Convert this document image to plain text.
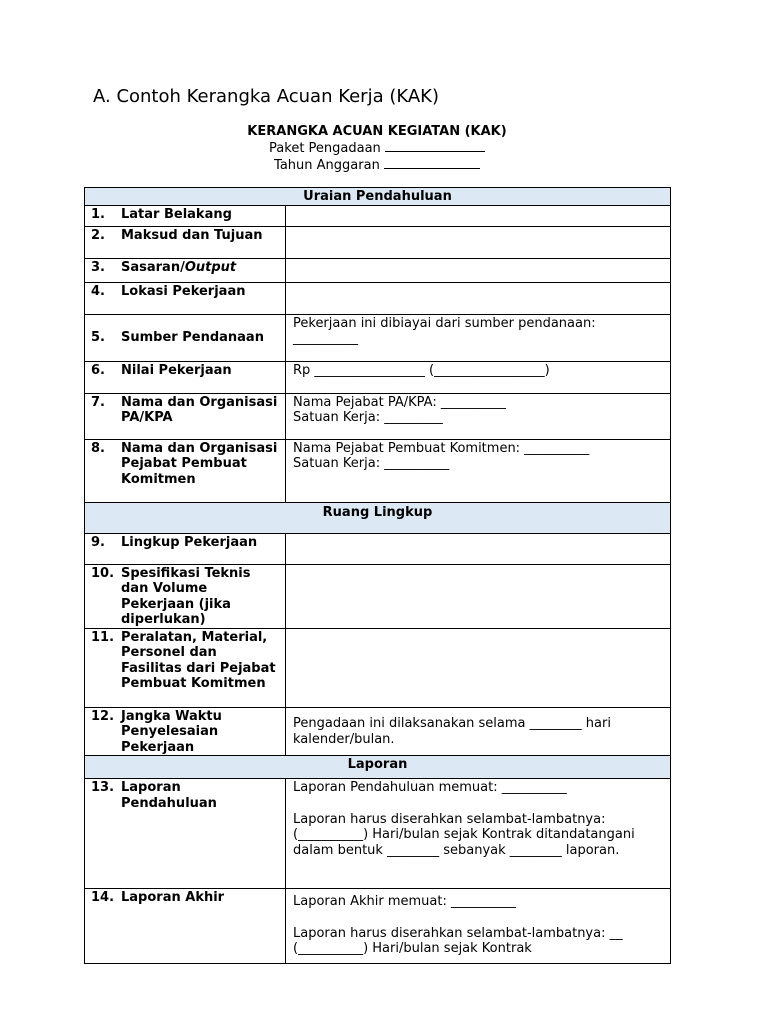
A. Contoh Kerangka Acuan Kerja (KAK)
KERANGKA ACUAN KEGIATAN (KAK)
Paket Pengadaan
Tahun Anggaran
Uraian Pendahuluan	

1. Latar Belakang	

2. Maksud dan Tujuan	

3. Sasaran/Output	

4. Lokasi Pekerjaan	

5. Sumber Pendanaan	Pekerjaan ini dibiayai dari sumber pendanaan: __________

6. Nilai Pekerjaan	Rp _________________ (_________________)

7. Nama dan Organisasi PA/KPA	Nama Pejabat PA/KPA: __________
Satuan Kerja: _________

8. Nama dan Organisasi Pejabat Pembuat Komitmen	Nama Pejabat Pembuat Komitmen: __________
Satuan Kerja: __________

Ruang Lingkup	

9. Lingkup Pekerjaan	

10. Spesifikasi Teknis dan Volume Pekerjaan (jika diperlukan)	

11. Peralatan, Material, Personel dan Fasilitas dari Pejabat Pembuat Komitmen	

12. Jangka Waktu Penyelesaian Pekerjaan	Pengadaan ini dilaksanakan selama ________ hari kalender/bulan.
Laporan	

13. Laporan Pendahuluan	Laporan Pendahuluan memuat: __________
Laporan harus diserahkan selambat-lambatnya: (__________) Hari/bulan sejak Kontrak ditandatangani dalam bentuk ________ sebanyak ________ laporan.

14. Laporan Akhir	Laporan Akhir memuat: __________
Laporan harus diserahkan selambat-lambatnya: __ (__________) Hari/bulan sejak Kontrak
